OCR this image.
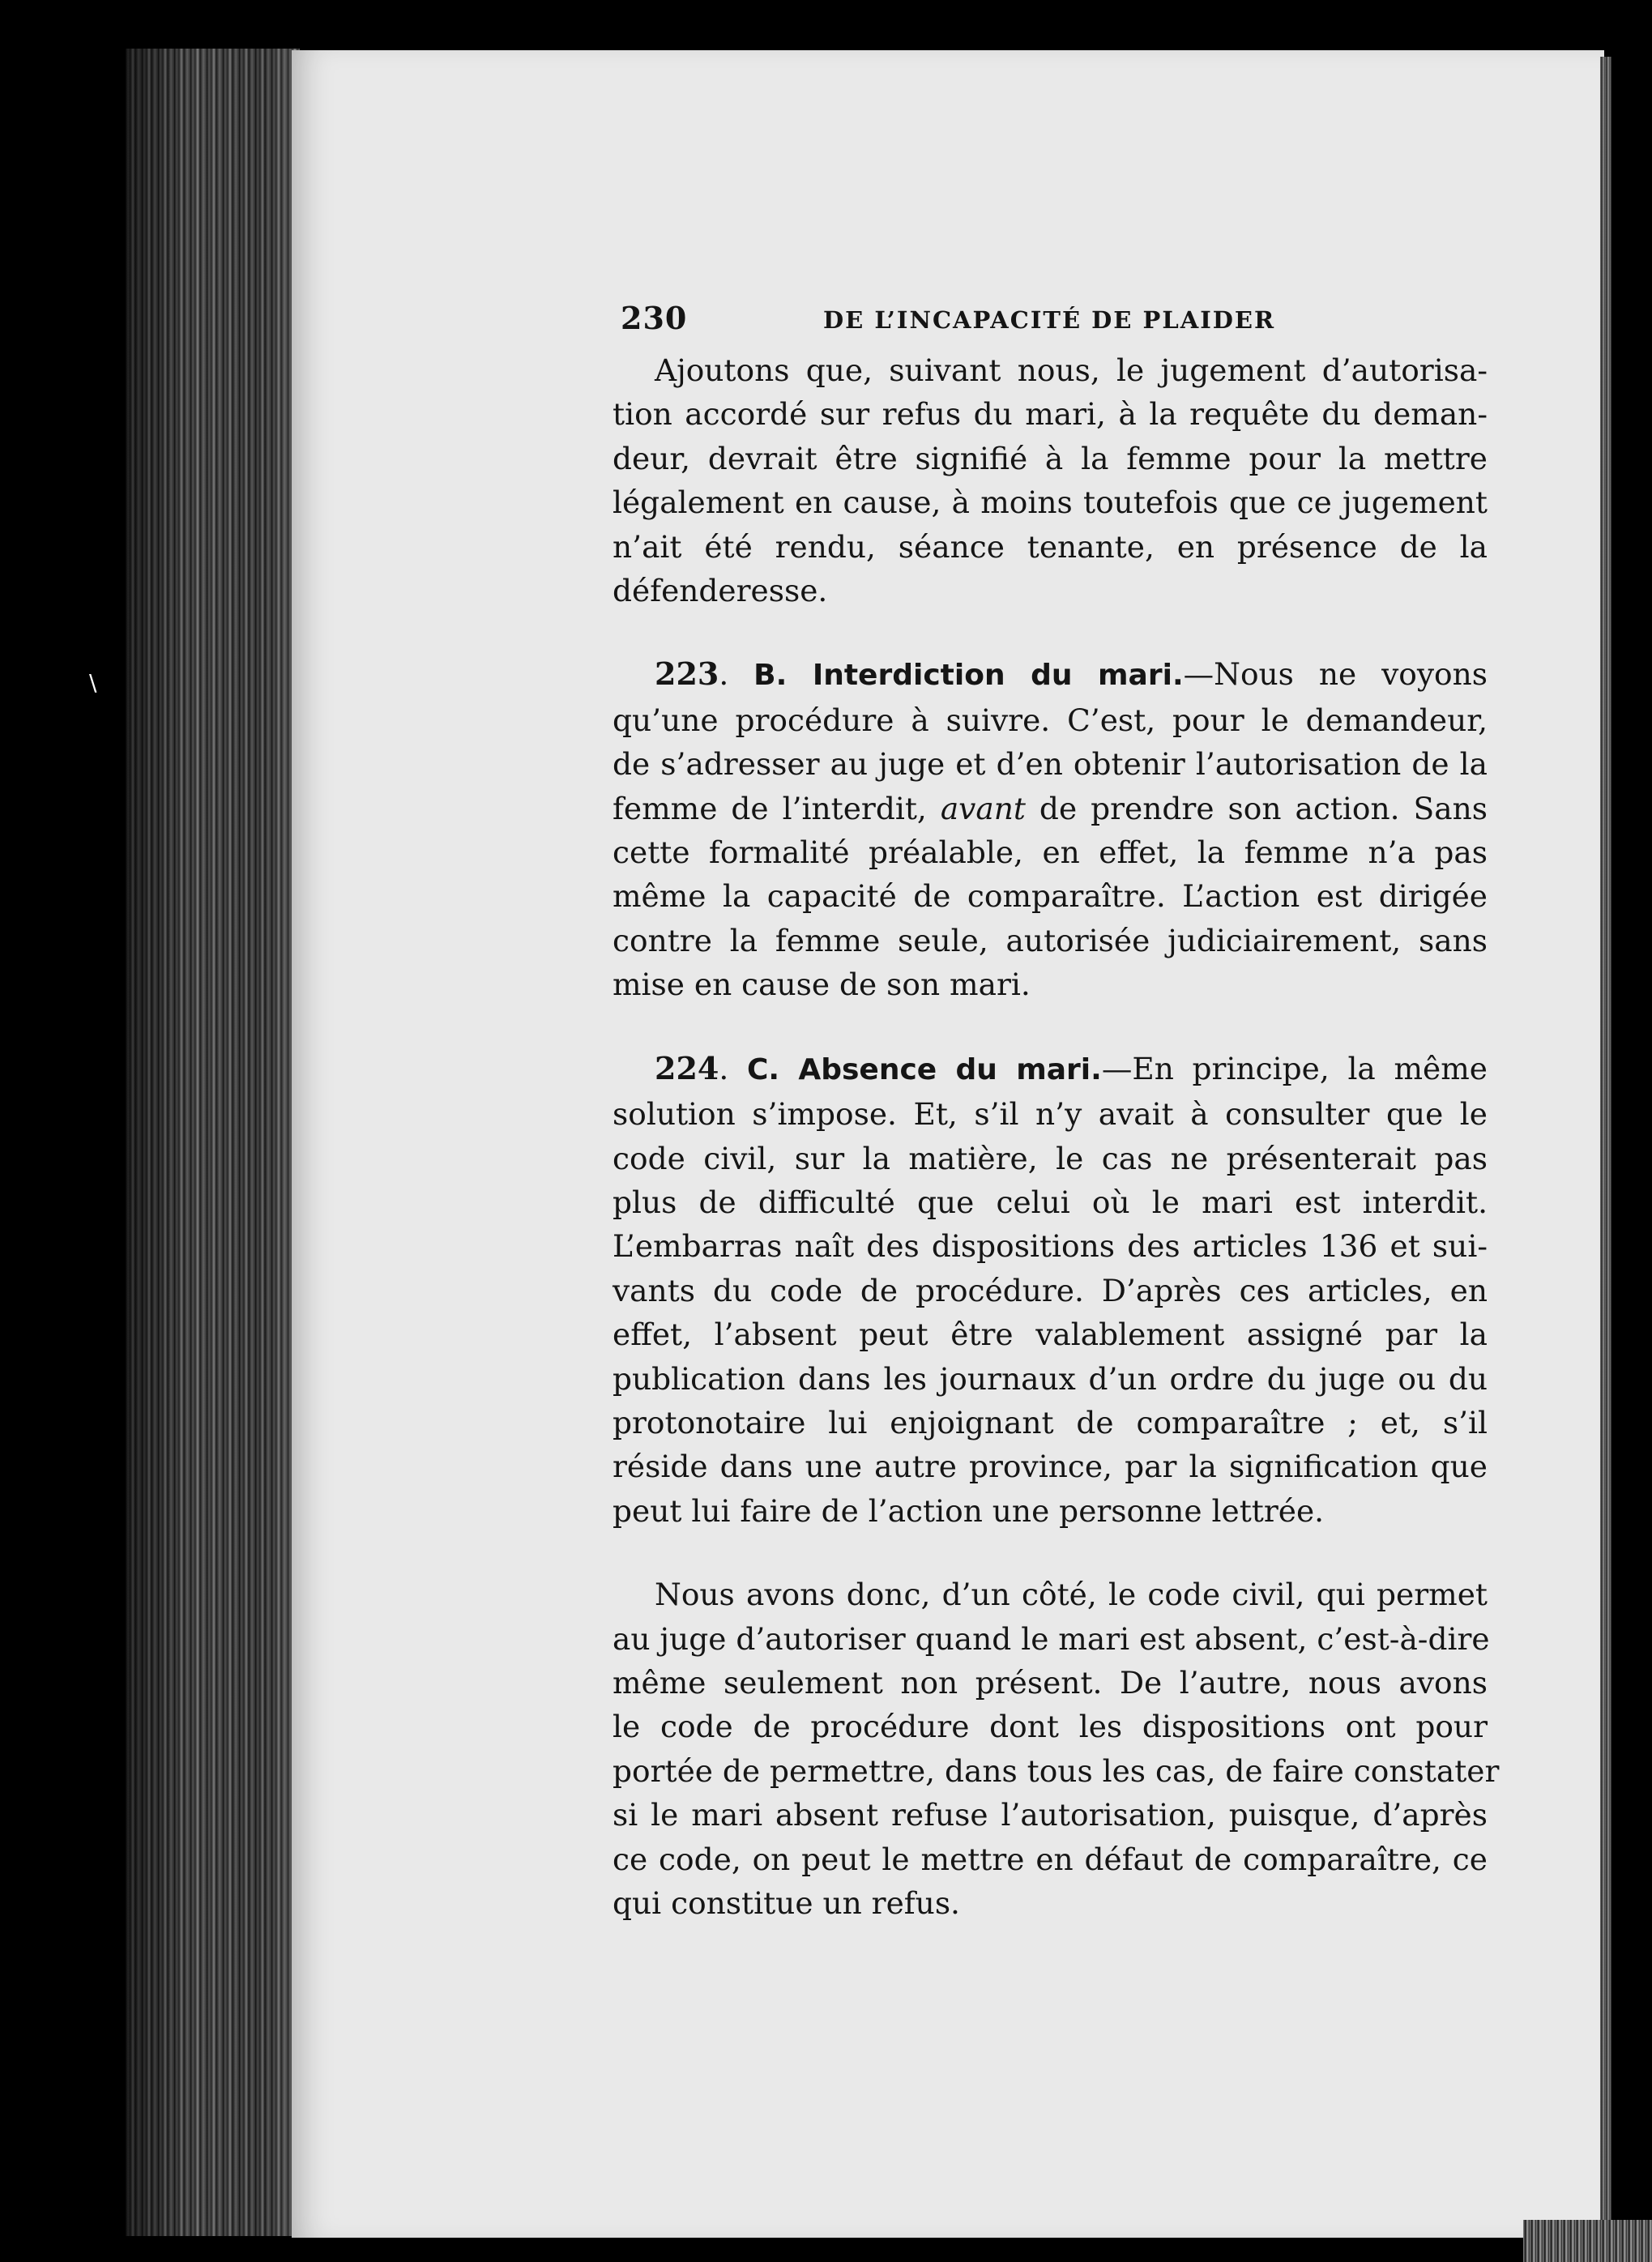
\
230	DE L’INCAPACITÉ DE PLAIDER
Ajoutons que, suivant nous, le jugement d’autorisa-
tion accordé sur refus du mari, à la requête du deman-
deur, devrait être signifié à la femme pour la mettre
légalement en cause, à moins toutefois que ce jugement
n’ait été rendu, séance tenante, en présence de la
défenderesse.
223. B. Interdiction du mari.—Nous ne voyons
qu’une procédure à suivre. C’est, pour le demandeur,
de s’adresser au juge et d’en obtenir l’autorisation de la
femme de l’interdit, avant de prendre son action. Sans
cette formalité préalable, en effet, la femme n’a pas
même la capacité de comparaître. L’action est dirigée
contre la femme seule, autorisée judiciairement, sans
mise en cause de son mari.
224. C. Absence du mari.—En principe, la même
solution s’impose. Et, s’il n’y avait à consulter que le
code civil, sur la matière, le cas ne présenterait pas
plus de difficulté que celui où le mari est interdit.
L’embarras naît des dispositions des articles 136 et sui-
vants du code de procédure. D’après ces articles, en
effet, l’absent peut être valablement assigné par la
publication dans les journaux d’un ordre du juge ou du
protonotaire lui enjoignant de comparaître ; et, s’il
réside dans une autre province, par la signification que
peut lui faire de l’action une personne lettrée.
Nous avons donc, d’un côté, le code civil, qui permet
au juge d’autoriser quand le mari est absent, c’est-à-dire
même seulement non présent. De l’autre, nous avons
le code de procédure dont les dispositions ont pour
portée de permettre, dans tous les cas, de faire constater
si le mari absent refuse l’autorisation, puisque, d’après
ce code, on peut le mettre en défaut de comparaître, ce
qui constitue un refus.
